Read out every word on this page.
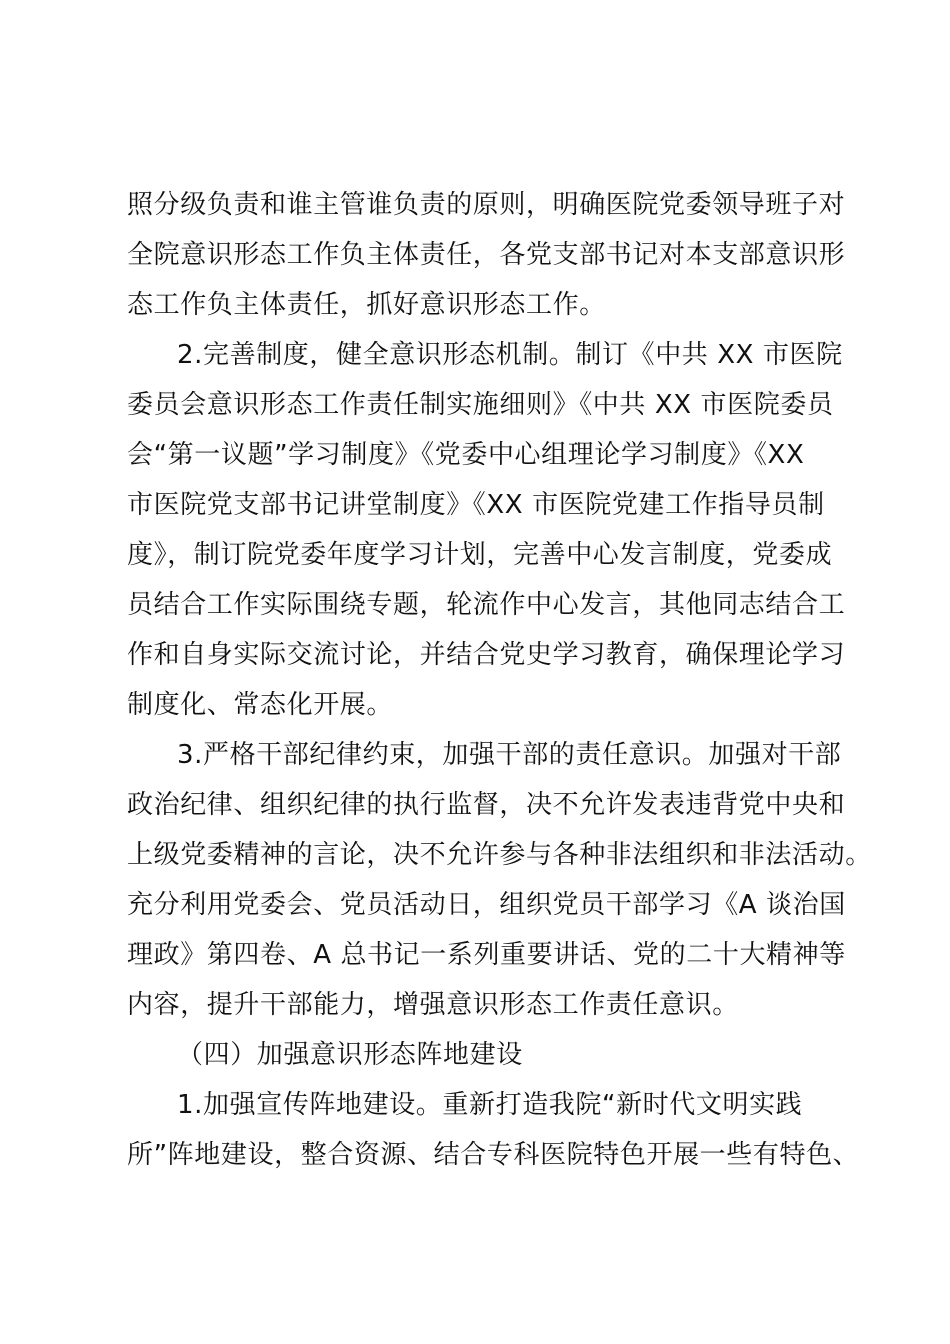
照分级负责和谁主管谁负责的原则，明确医院党委领导班子对
全院意识形态工作负主体责任，各党支部书记对本支部意识形
态工作负主体责任，抓好意识形态工作。
2.完善制度，健全意识形态机制。制订《中共 XX 市医院
委员会意识形态工作责任制实施细则》《中共 XX 市医院委员
会“第一议题”学习制度》《党委中心组理论学习制度》《XX
市医院党支部书记讲堂制度》《XX 市医院党建工作指导员制
度》，制订院党委年度学习计划，完善中心发言制度，党委成
员结合工作实际围绕专题，轮流作中心发言，其他同志结合工
作和自身实际交流讨论，并结合党史学习教育，确保理论学习
制度化、常态化开展。
3.严格干部纪律约束，加强干部的责任意识。加强对干部
政治纪律、组织纪律的执行监督，决不允许发表违背党中央和
上级党委精神的言论，决不允许参与各种非法组织和非法活动。
充分利用党委会、党员活动日，组织党员干部学习《A 谈治国
理政》第四卷、A 总书记一系列重要讲话、党的二十大精神等
内容，提升干部能力，增强意识形态工作责任意识。
（四）加强意识形态阵地建设
1.加强宣传阵地建设。重新打造我院“新时代文明实践
所”阵地建设，整合资源、结合专科医院特色开展一些有特色、
